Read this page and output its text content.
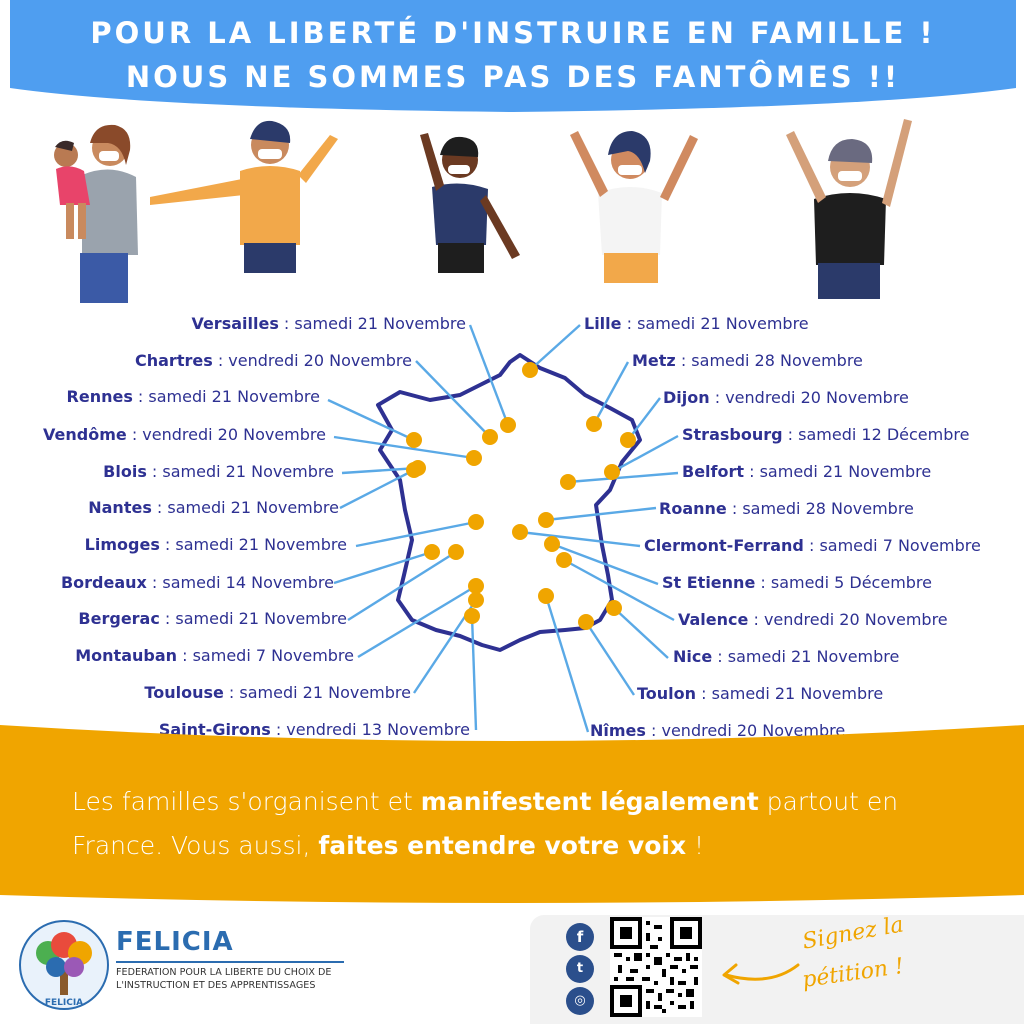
POUR LA LIBERTÉ D'INSTRUIRE EN FAMILLE !
NOUS NE SOMMES PAS DES FANTÔMES !!
Versailles : samedi 21 Novembre
Chartres : vendredi 20 Novembre
Rennes : samedi 21 Novembre
Vendôme : vendredi 20 Novembre
Blois : samedi 21 Novembre
Nantes : samedi 21 Novembre
Limoges : samedi 21 Novembre
Bordeaux : samedi 14 Novembre
Bergerac : samedi 21 Novembre
Montauban : samedi 7 Novembre
Toulouse : samedi 21 Novembre
Saint-Girons : vendredi 13 Novembre
Lille : samedi 21 Novembre
Metz : samedi 28 Novembre
Dijon : vendredi 20 Novembre
Strasbourg : samedi 12 Décembre
Belfort : samedi 21 Novembre
Roanne : samedi 28 Novembre
Clermont-Ferrand : samedi 7 Novembre
St Etienne : samedi 5 Décembre
Valence : vendredi 20 Novembre
Nice : samedi 21 Novembre
Toulon : samedi 21 Novembre
Nîmes : vendredi 20 Novembre
Les familles s'organisent et manifestent légalement partout en France. Vous aussi, faites entendre votre voix !
FELICIA
FELICIA
FEDERATION POUR LA LIBERTE DU CHOIX DE
L'INSTRUCTION ET DES APPRENTISSAGES
f
t
◎
Signez la
pétition !
